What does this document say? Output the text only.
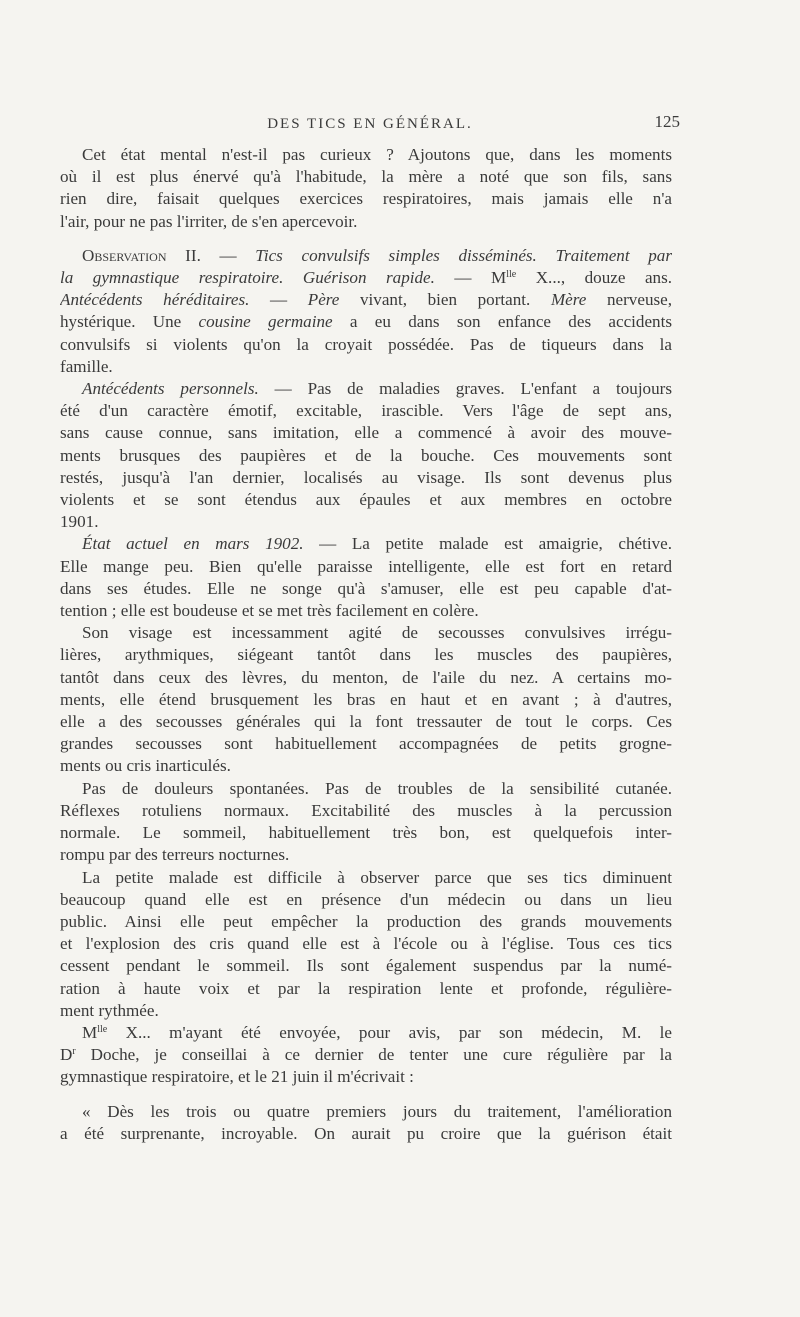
DES TICS EN GÉNÉRAL.	125

Cet état mental n'est-il pas curieux ? Ajoutons que, dans les moments
où il est plus énervé qu'à l'habitude, la mère a noté que son fils, sans
rien dire, faisait quelques exercices respiratoires, mais jamais elle n'a
l'air, pour ne pas l'irriter, de s'en apercevoir.

Observation II. — Tics convulsifs simples disséminés. Traitement par
la gymnastique respiratoire. Guérison rapide. — $M^{lle}$ X..., douze ans.
Antécédents héréditaires. — Père vivant, bien portant. Mère nerveuse,
hystérique. Une cousine germaine a eu dans son enfance des accidents
convulsifs si violents qu'on la croyait possédée. Pas de tiqueurs dans la
famille.

Antécédents personnels. — Pas de maladies graves. L'enfant a toujours
été d'un caractère émotif, excitable, irascible. Vers l'âge de sept ans,
sans cause connue, sans imitation, elle a commencé à avoir des mouve-
ments brusques des paupières et de la bouche. Ces mouvements sont
restés, jusqu'à l'an dernier, localisés au visage. Ils sont devenus plus
violents et se sont étendus aux épaules et aux membres en octobre
1901.

État actuel en mars 1902. — La petite malade est amaigrie, chétive.
Elle mange peu. Bien qu'elle paraisse intelligente, elle est fort en retard
dans ses études. Elle ne songe qu'à s'amuser, elle est peu capable d'at-
tention ; elle est boudeuse et se met très facilement en colère.

Son visage est incessamment agité de secousses convulsives irrégu-
lières, arythmiques, siégeant tantôt dans les muscles des paupières,
tantôt dans ceux des lèvres, du menton, de l'aile du nez. A certains mo-
ments, elle étend brusquement les bras en haut et en avant ; à d'autres,
elle a des secousses générales qui la font tressauter de tout le corps. Ces
grandes secousses sont habituellement accompagnées de petits grogne-
ments ou cris inarticulés.

Pas de douleurs spontanées. Pas de troubles de la sensibilité cutanée.
Réflexes rotuliens normaux. Excitabilité des muscles à la percussion
normale. Le sommeil, habituellement très bon, est quelquefois inter-
rompu par des terreurs nocturnes.

La petite malade est difficile à observer parce que ses tics diminuent
beaucoup quand elle est en présence d'un médecin ou dans un lieu
public. Ainsi elle peut empêcher la production des grands mouvements
et l'explosion des cris quand elle est à l'école ou à l'église. Tous ces tics
cessent pendant le sommeil. Ils sont également suspendus par la numé-
ration à haute voix et par la respiration lente et profonde, régulière-
ment rythmée.

$M^{lle}$ X... m'ayant été envoyée, pour avis, par son médecin, M. le
$D^r$ Doche, je conseillai à ce dernier de tenter une cure régulière par la
gymnastique respiratoire, et le 21 juin il m'écrivait :

« Dès les trois ou quatre premiers jours du traitement, l'amélioration
a été surprenante, incroyable. On aurait pu croire que la guérison était
